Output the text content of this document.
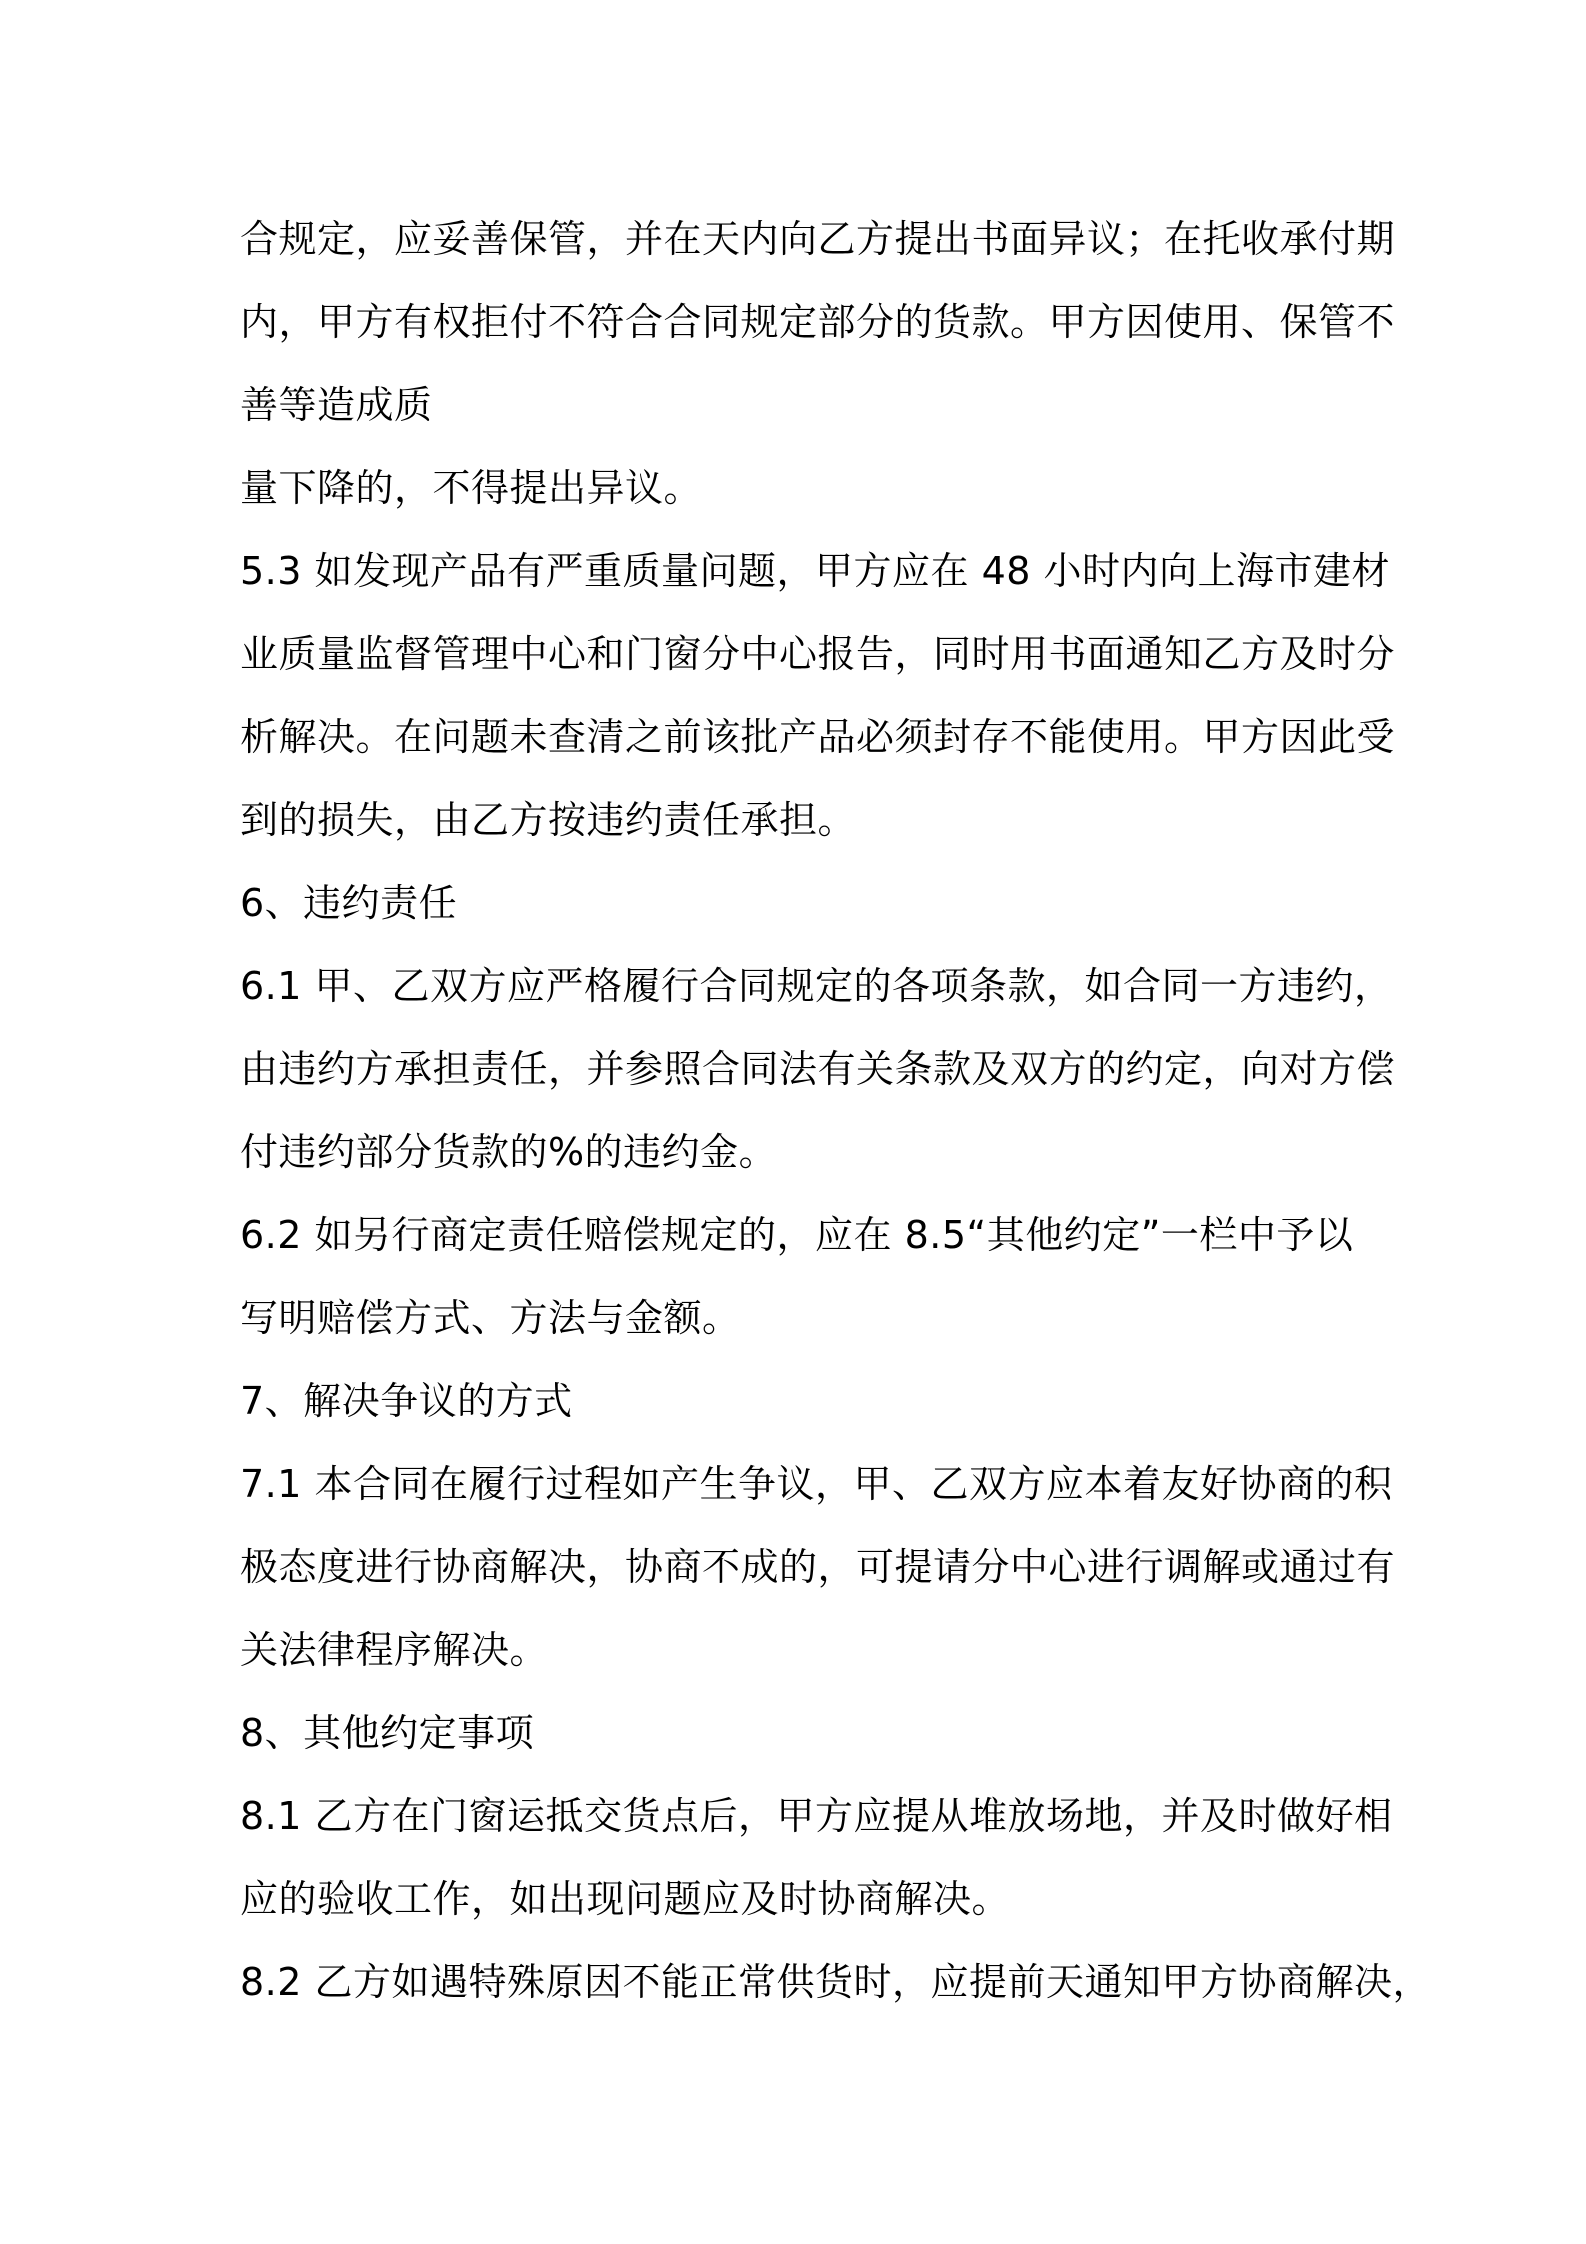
合规定，应妥善保管，并在天内向乙方提出书面异议；在托收承付期
内，甲方有权拒付不符合合同规定部分的货款。甲方因使用、保管不
善等造成质
量下降的，不得提出异议。
5.3 如发现产品有严重质量问题，甲方应在 48 小时内向上海市建材
业质量监督管理中心和门窗分中心报告，同时用书面通知乙方及时分
析解决。在问题未查清之前该批产品必须封存不能使用。甲方因此受
到的损失，由乙方按违约责任承担。
6、违约责任
6.1 甲、乙双方应严格履行合同规定的各项条款，如合同一方违约，
由违约方承担责任，并参照合同法有关条款及双方的约定，向对方偿
付违约部分货款的%的违约金。
6.2 如另行商定责任赔偿规定的，应在 8.5“其他约定”一栏中予以
写明赔偿方式、方法与金额。
7、解决争议的方式
7.1 本合同在履行过程如产生争议，甲、乙双方应本着友好协商的积
极态度进行协商解决，协商不成的，可提请分中心进行调解或通过有
关法律程序解决。
8、其他约定事项
8.1 乙方在门窗运抵交货点后，甲方应提从堆放场地，并及时做好相
应的验收工作，如出现问题应及时协商解决。
8.2 乙方如遇特殊原因不能正常供货时，应提前天通知甲方协商解决，
